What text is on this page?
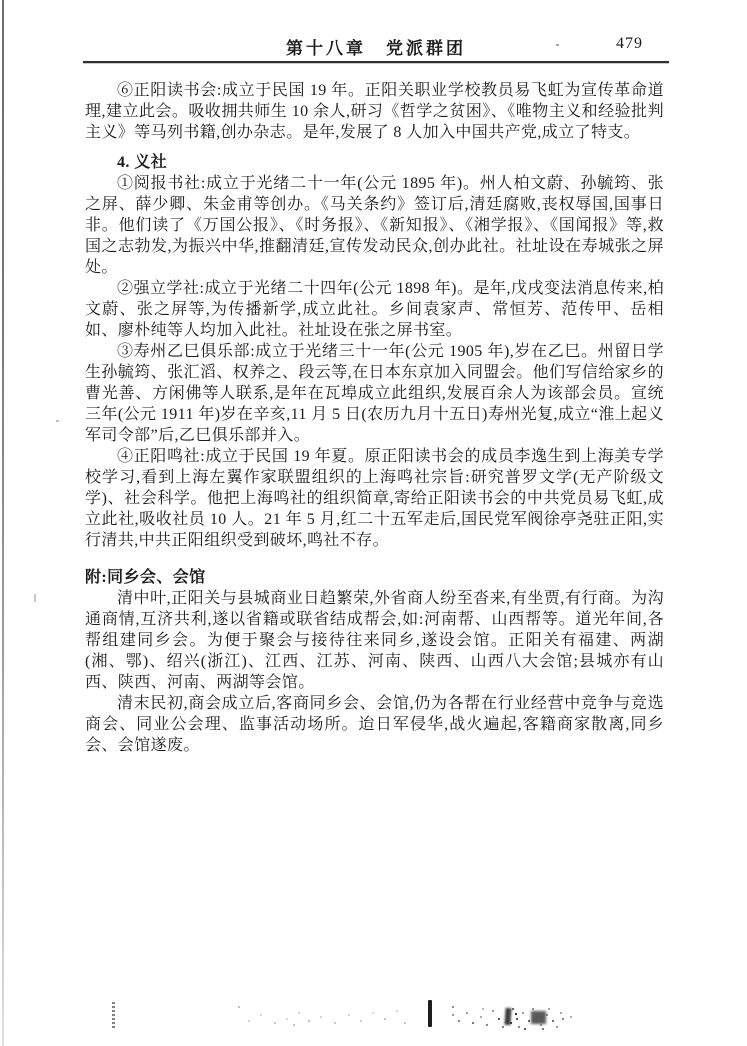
第十八章　党派群团	479

⑥正阳读书会:成立于民国 19 年。正阳关职业学校教员易飞虹为宣传革命道理,建立此会。吸收拥共师生 10 余人,研习《哲学之贫困》、《唯物主义和经验批判主义》等马列书籍,创办杂志。是年,发展了 8 人加入中国共产党,成立了特支。

4. 义社

①阅报书社:成立于光绪二十一年(公元 1895 年)。州人柏文蔚、孙毓筠、张之屏、薛少卿、朱金甫等创办。《马关条约》签订后,清廷腐败,丧权辱国,国事日非。他们读了《万国公报》、《时务报》、《新知报》、《湘学报》、《国闻报》等,救国之志勃发,为振兴中华,推翻清廷,宣传发动民众,创办此社。社址设在寿城张之屏处。

②强立学社:成立于光绪二十四年(公元 1898 年)。是年,戊戌变法消息传来,柏文蔚、张之屏等,为传播新学,成立此社。乡间袁家声、常恒芳、范传甲、岳相如、廖朴纯等人均加入此社。社址设在张之屏书室。

③寿州乙巳俱乐部:成立于光绪三十一年(公元 1905 年),岁在乙巳。州留日学生孙毓筠、张汇滔、权养之、段云等,在日本东京加入同盟会。他们写信给家乡的曹光善、方闲佛等人联系,是年在瓦埠成立此组织,发展百余人为该部会员。宣统三年(公元 1911 年)岁在辛亥,11 月 5 日(农历九月十五日)寿州光复,成立“淮上起义军司令部”后,乙巳俱乐部并入。

④正阳鸣社:成立于民国 19 年夏。原正阳读书会的成员李逸生到上海美专学校学习,看到上海左翼作家联盟组织的上海鸣社宗旨:研究普罗文学(无产阶级文学)、社会科学。他把上海鸣社的组织简章,寄给正阳读书会的中共党员易飞虹,成立此社,吸收社员 10 人。21 年 5 月,红二十五军走后,国民党军阀徐亭尧驻正阳,实行清共,中共正阳组织受到破坏,鸣社不存。

附:同乡会、会馆

清中叶,正阳关与县城商业日趋繁荣,外省商人纷至沓来,有坐贾,有行商。为沟通商情,互济共利,遂以省籍或联省结成帮会,如:河南帮、山西帮等。道光年间,各帮组建同乡会。为便于聚会与接待往来同乡,遂设会馆。正阳关有福建、两湖(湘、鄂)、绍兴(浙江)、江西、江苏、河南、陕西、山西八大会馆;县城亦有山西、陕西、河南、两湖等会馆。

清末民初,商会成立后,客商同乡会、会馆,仍为各帮在行业经营中竞争与竞选商会、同业公会理、监事活动场所。迨日军侵华,战火遍起,客籍商家散离,同乡会、会馆遂废。
